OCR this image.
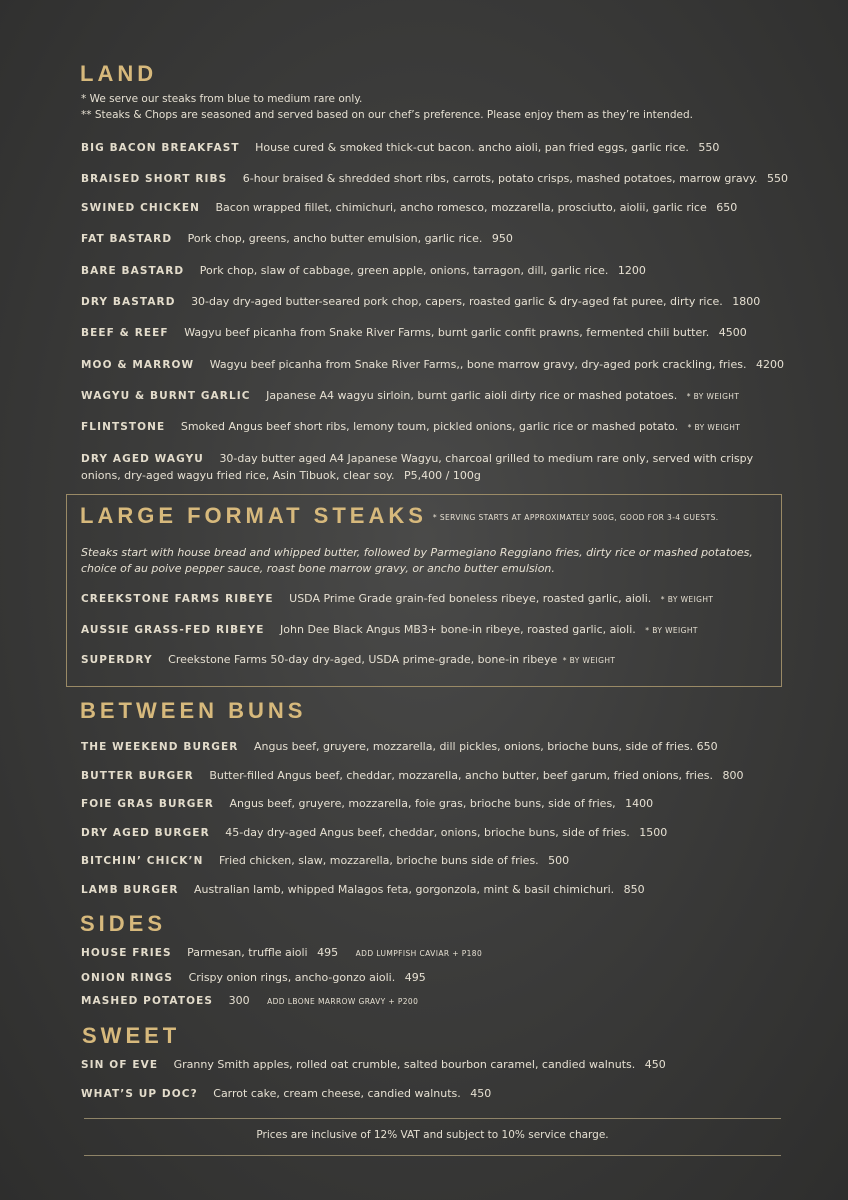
LAND
* We serve our steaks from blue to medium rare only.
** Steaks & Chops are seasoned and served based on our chef’s preference. Please enjoy them as they’re intended.
BIG BACON BREAKFAST House cured & smoked thick-cut bacon. ancho aioli, pan fried eggs, garlic rice. 550
BRAISED SHORT RIBS 6-hour braised & shredded short ribs, carrots, potato crisps, mashed potatoes, marrow gravy. 550
SWINED CHICKEN Bacon wrapped fillet, chimichuri, ancho romesco, mozzarella, prosciutto, aiolii, garlic rice 650
FAT BASTARD Pork chop, greens, ancho butter emulsion, garlic rice. 950
BARE BASTARD Pork chop, slaw of cabbage, green apple, onions, tarragon, dill, garlic rice. 1200
DRY BASTARD 30-day dry-aged butter-seared pork chop, capers, roasted garlic & dry-aged fat puree, dirty rice. 1800
BEEF & REEF Wagyu beef picanha from Snake River Farms, burnt garlic confit prawns, fermented chili butter. 4500
MOO & MARROW Wagyu beef picanha from Snake River Farms,, bone marrow gravy, dry-aged pork crackling, fries. 4200
WAGYU & BURNT GARLIC Japanese A4 wagyu sirloin, burnt garlic aioli dirty rice or mashed potatoes. * BY WEIGHT
FLINTSTONE Smoked Angus beef short ribs, lemony toum, pickled onions, garlic rice or mashed potato. * BY WEIGHT
DRY AGED WAGYU 30-day butter aged A4 Japanese Wagyu, charcoal grilled to medium rare only, served with crispy onions, dry-aged wagyu fried rice, Asin Tibuok, clear soy. P5,400 / 100g
LARGE FORMAT STEAKS * SERVING STARTS AT APPROXIMATELY 500G, GOOD FOR 3-4 GUESTS.
Steaks start with house bread and whipped butter, followed by Parmegiano Reggiano fries, dirty rice or mashed potatoes, choice of au poive pepper sauce, roast bone marrow gravy, or ancho butter emulsion.
CREEKSTONE FARMS RIBEYE USDA Prime Grade grain-fed boneless ribeye, roasted garlic, aioli. * BY WEIGHT
AUSSIE GRASS-FED RIBEYE John Dee Black Angus MB3+ bone-in ribeye, roasted garlic, aioli. * BY WEIGHT
SUPERDRY Creekstone Farms 50-day dry-aged, USDA prime-grade, bone-in ribeye * BY WEIGHT
BETWEEN BUNS
THE WEEKEND BURGER Angus beef, gruyere, mozzarella, dill pickles, onions, brioche buns, side of fries. 650
BUTTER BURGER Butter-filled Angus beef, cheddar, mozzarella, ancho butter, beef garum, fried onions, fries. 800
FOIE GRAS BURGER Angus beef, gruyere, mozzarella, foie gras, brioche buns, side of fries, 1400
DRY AGED BURGER 45-day dry-aged Angus beef, cheddar, onions, brioche buns, side of fries. 1500
BITCHIN’ CHICK’N Fried chicken, slaw, mozzarella, brioche buns side of fries. 500
LAMB BURGER Australian lamb, whipped Malagos feta, gorgonzola, mint & basil chimichuri. 850
SIDES
HOUSE FRIES Parmesan, truffle aioli 495 ADD LUMPFISH CAVIAR + P180
ONION RINGS Crispy onion rings, ancho-gonzo aioli. 495
MASHED POTATOES 300 ADD LBONE MARROW GRAVY + P200
SWEET
SIN OF EVE Granny Smith apples, rolled oat crumble, salted bourbon caramel, candied walnuts. 450
WHAT’S UP DOC? Carrot cake, cream cheese, candied walnuts. 450
Prices are inclusive of 12% VAT and subject to 10% service charge.
